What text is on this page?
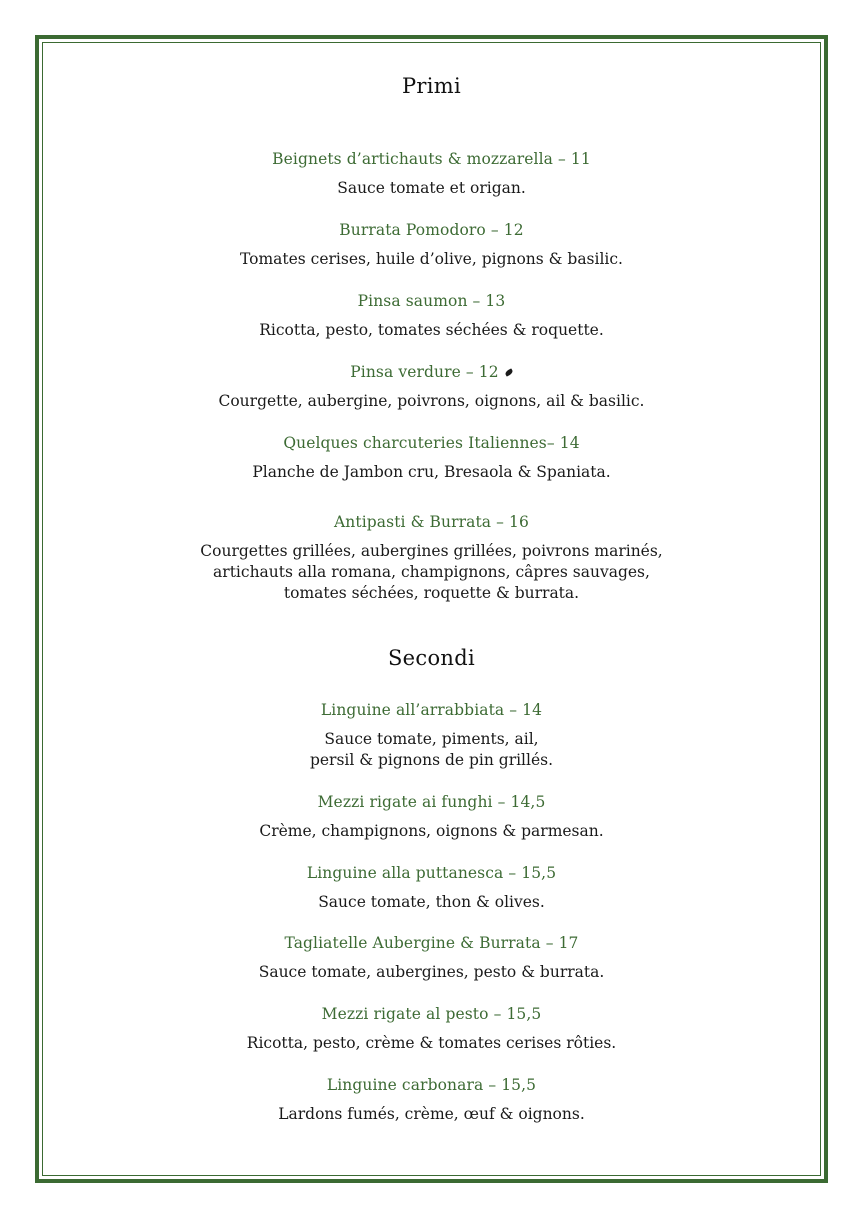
Primi
Beignets d’artichauts & mozzarella – 11
Sauce tomate et origan.
Burrata Pomodoro – 12
Tomates cerises, huile d’olive, pignons & basilic.
Pinsa saumon – 13
Ricotta, pesto, tomates séchées & roquette.
Pinsa verdure – 12
Courgette, aubergine, poivrons, oignons, ail & basilic.
Quelques charcuteries Italiennes– 14
Planche de Jambon cru, Bresaola & Spaniata.
Antipasti & Burrata – 16
Courgettes grillées, aubergines grillées, poivrons marinés,
artichauts alla romana, champignons, câpres sauvages,
tomates séchées, roquette & burrata.
Secondi
Linguine all’arrabbiata – 14
Sauce tomate, piments, ail,
persil & pignons de pin grillés.
Mezzi rigate ai funghi – 14,5
Crème, champignons, oignons & parmesan.
Linguine alla puttanesca – 15,5
Sauce tomate, thon & olives.
Tagliatelle Aubergine & Burrata – 17
Sauce tomate, aubergines, pesto & burrata.
Mezzi rigate al pesto – 15,5
Ricotta, pesto, crème & tomates cerises rôties.
Linguine carbonara – 15,5
Lardons fumés, crème, œuf & oignons.
